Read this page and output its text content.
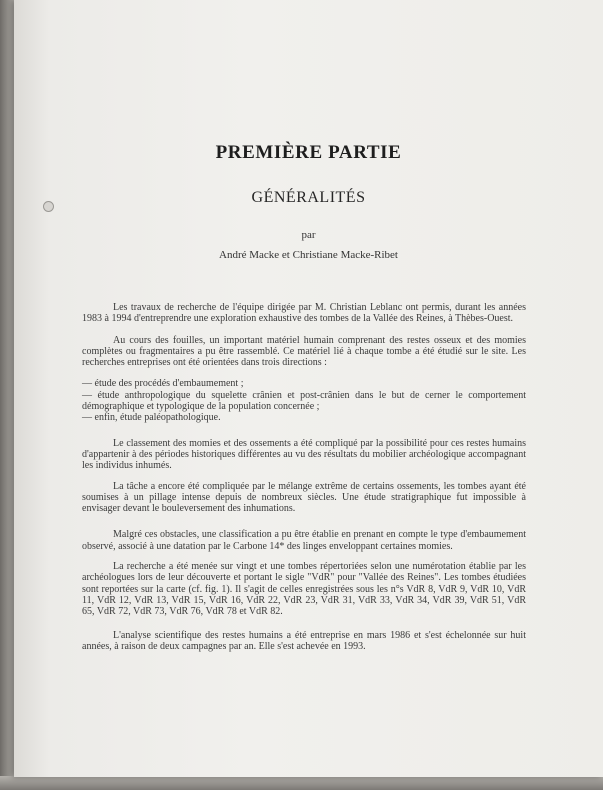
PREMIÈRE PARTIE
GÉNÉRALITÉS
par
André Macke et Christiane Macke-Ribet

Les travaux de recherche de l'équipe dirigée par M. Christian Leblanc ont permis, durant les années 1983 à 1994 d'entreprendre une exploration exhaustive des tombes de la Vallée des Reines, à Thèbes-Ouest.

Au cours des fouilles, un important matériel humain comprenant des restes osseux et des momies complètes ou fragmentaires a pu être rassemblé. Ce matériel lié à chaque tombe a été étudié sur le site. Les recherches entreprises ont été orientées dans trois directions :

— étude des procédés d'embaumement ;
— étude anthropologique du squelette crânien et post-crânien dans le but de cerner le comportement démographique et typologique de la population concernée ;
— enfin, étude paléopathologique.

Le classement des momies et des ossements a été compliqué par la possibilité pour ces restes humains d'appartenir à des périodes historiques différentes au vu des résultats du mobilier archéologique accompagnant les individus inhumés.

La tâche a encore été compliquée par le mélange extrême de certains ossements, les tombes ayant été soumises à un pillage intense depuis de nombreux siècles. Une étude stratigraphique fut impossible à envisager devant le bouleversement des inhumations.

Malgré ces obstacles, une classification a pu être établie en prenant en compte le type d'embaumement observé, associé à une datation par le Carbone 14* des linges enveloppant certaines momies.

La recherche a été menée sur vingt et une tombes répertoriées selon une numérotation établie par les archéologues lors de leur découverte et portant le sigle "VdR" pour "Vallée des Reines". Les tombes étudiées sont reportées sur la carte (cf. fig. 1). Il s'agit de celles enregistrées sous les n°s VdR 8, VdR 9, VdR 10, VdR 11, VdR 12, VdR 13, VdR 15, VdR 16, VdR 22, VdR 23, VdR 31, VdR 33, VdR 34, VdR 39, VdR 51, VdR 65, VdR 72, VdR 73, VdR 76, VdR 78 et VdR 82.

L'analyse scientifique des restes humains a été entreprise en mars 1986 et s'est échelonnée sur huit années, à raison de deux campagnes par an. Elle s'est achevée en 1993.
